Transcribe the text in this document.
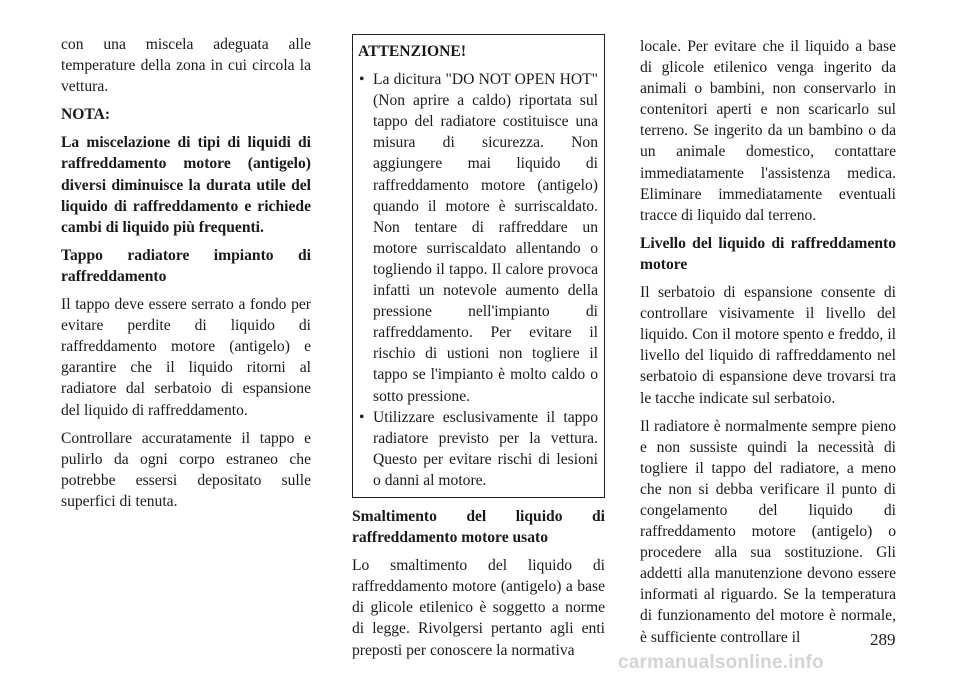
con una miscela adeguata alle temperature della zona in cui circola la vettura.

NOTA:

La miscelazione di tipi di liquidi di raffreddamento motore (antigelo) diversi diminuisce la durata utile del liquido di raffreddamento e richiede cambi di liquido più frequenti.

Tappo radiatore impianto di raffreddamento

Il tappo deve essere serrato a fondo per evitare perdite di liquido di raffreddamento motore (antigelo) e garantire che il liquido ritorni al radiatore dal serbatoio di espansione del liquido di raffreddamento.

Controllare accuratamente il tappo e pulirlo da ogni corpo estraneo che potrebbe essersi depositato sulle superfici di tenuta.

ATTENZIONE!

• La dicitura "DO NOT OPEN HOT" (Non aprire a caldo) riportata sul tappo del radiatore costituisce una misura di sicurezza. Non aggiungere mai liquido di raffreddamento motore (antigelo) quando il motore è surriscaldato. Non tentare di raffreddare un motore surriscaldato allentando o togliendo il tappo. Il calore provoca infatti un notevole aumento della pressione nell'impianto di raffreddamento. Per evitare il rischio di ustioni non togliere il tappo se l'impianto è molto caldo o sotto pressione.
• Utilizzare esclusivamente il tappo radiatore previsto per la vettura. Questo per evitare rischi di lesioni o danni al motore.

Smaltimento del liquido di raffreddamento motore usato

Lo smaltimento del liquido di raffreddamento motore (antigelo) a base di glicole etilenico è soggetto a norme di legge. Rivolgersi pertanto agli enti preposti per conoscere la normativa

locale. Per evitare che il liquido a base di glicole etilenico venga ingerito da animali o bambini, non conservarlo in contenitori aperti e non scaricarlo sul terreno. Se ingerito da un bambino o da un animale domestico, contattare immediatamente l'assistenza medica. Eliminare immediatamente eventuali tracce di liquido dal terreno.

Livello del liquido di raffreddamento motore

Il serbatoio di espansione consente di controllare visivamente il livello del liquido. Con il motore spento e freddo, il livello del liquido di raffreddamento nel serbatoio di espansione deve trovarsi tra le tacche indicate sul serbatoio.

Il radiatore è normalmente sempre pieno e non sussiste quindi la necessità di togliere il tappo del radiatore, a meno che non si debba verificare il punto di congelamento del liquido di raffreddamento motore (antigelo) o procedere alla sua sostituzione. Gli addetti alla manutenzione devono essere informati al riguardo. Se la temperatura di funzionamento del motore è normale, è sufficiente controllare il	289
carmanualsonline.info
